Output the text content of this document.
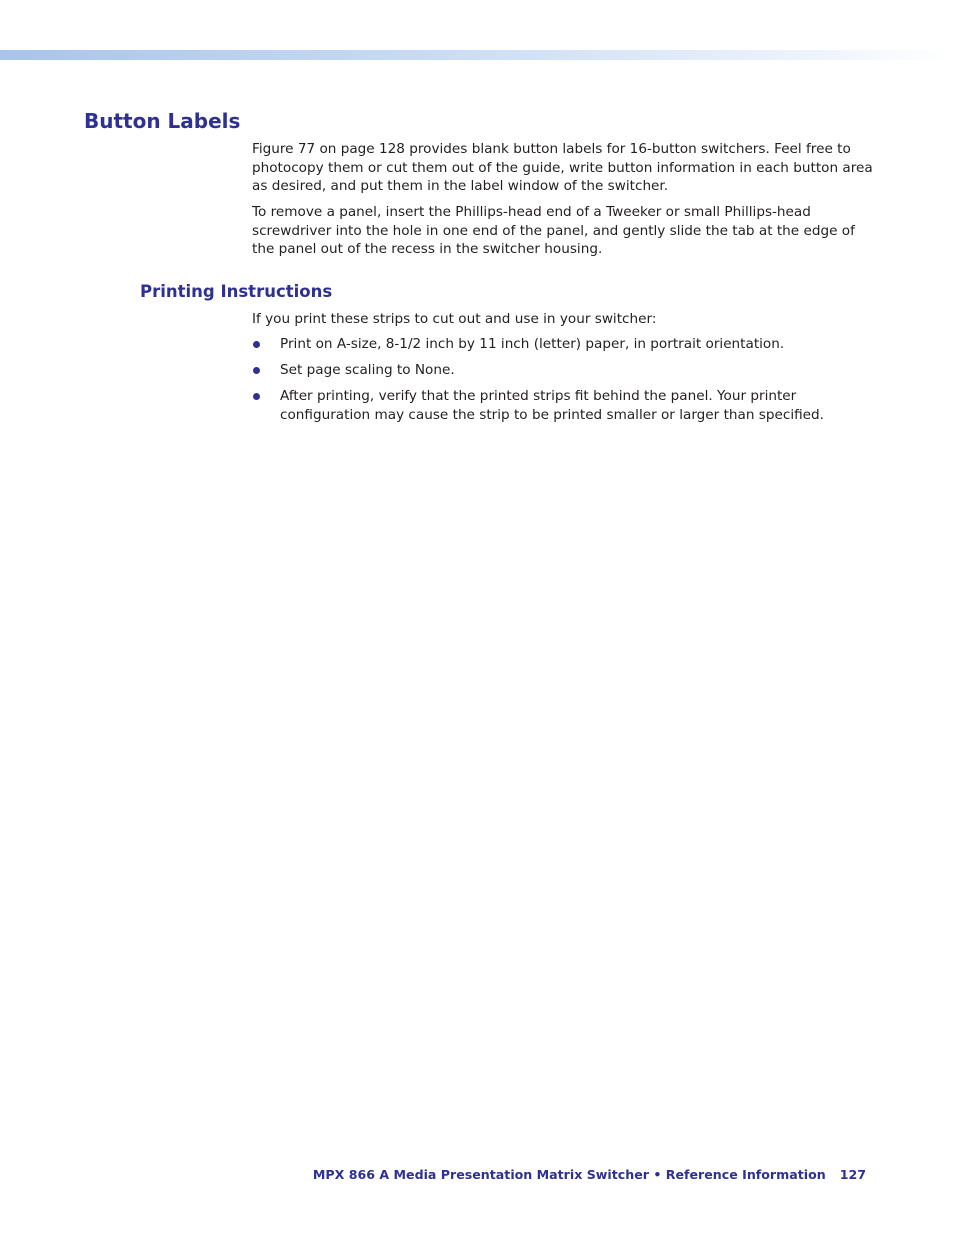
Button Labels

Figure 77 on page 128 provides blank button labels for 16-button switchers. Feel free to photocopy them or cut them out of the guide, write button information in each button area as desired, and put them in the label window of the switcher.

To remove a panel, insert the Phillips-head end of a Tweeker or small Phillips-head screwdriver into the hole in one end of the panel, and gently slide the tab at the edge of the panel out of the recess in the switcher housing.

Printing Instructions

If you print these strips to cut out and use in your switcher:

Print on A-size, 8-1/2 inch by 11 inch (letter) paper, in portrait orientation.
Set page scaling to None.
After printing, verify that the printed strips fit behind the panel. Your printer configuration may cause the strip to be printed smaller or larger than specified.

MPX 866 A Media Presentation Matrix Switcher • Reference Information 127
